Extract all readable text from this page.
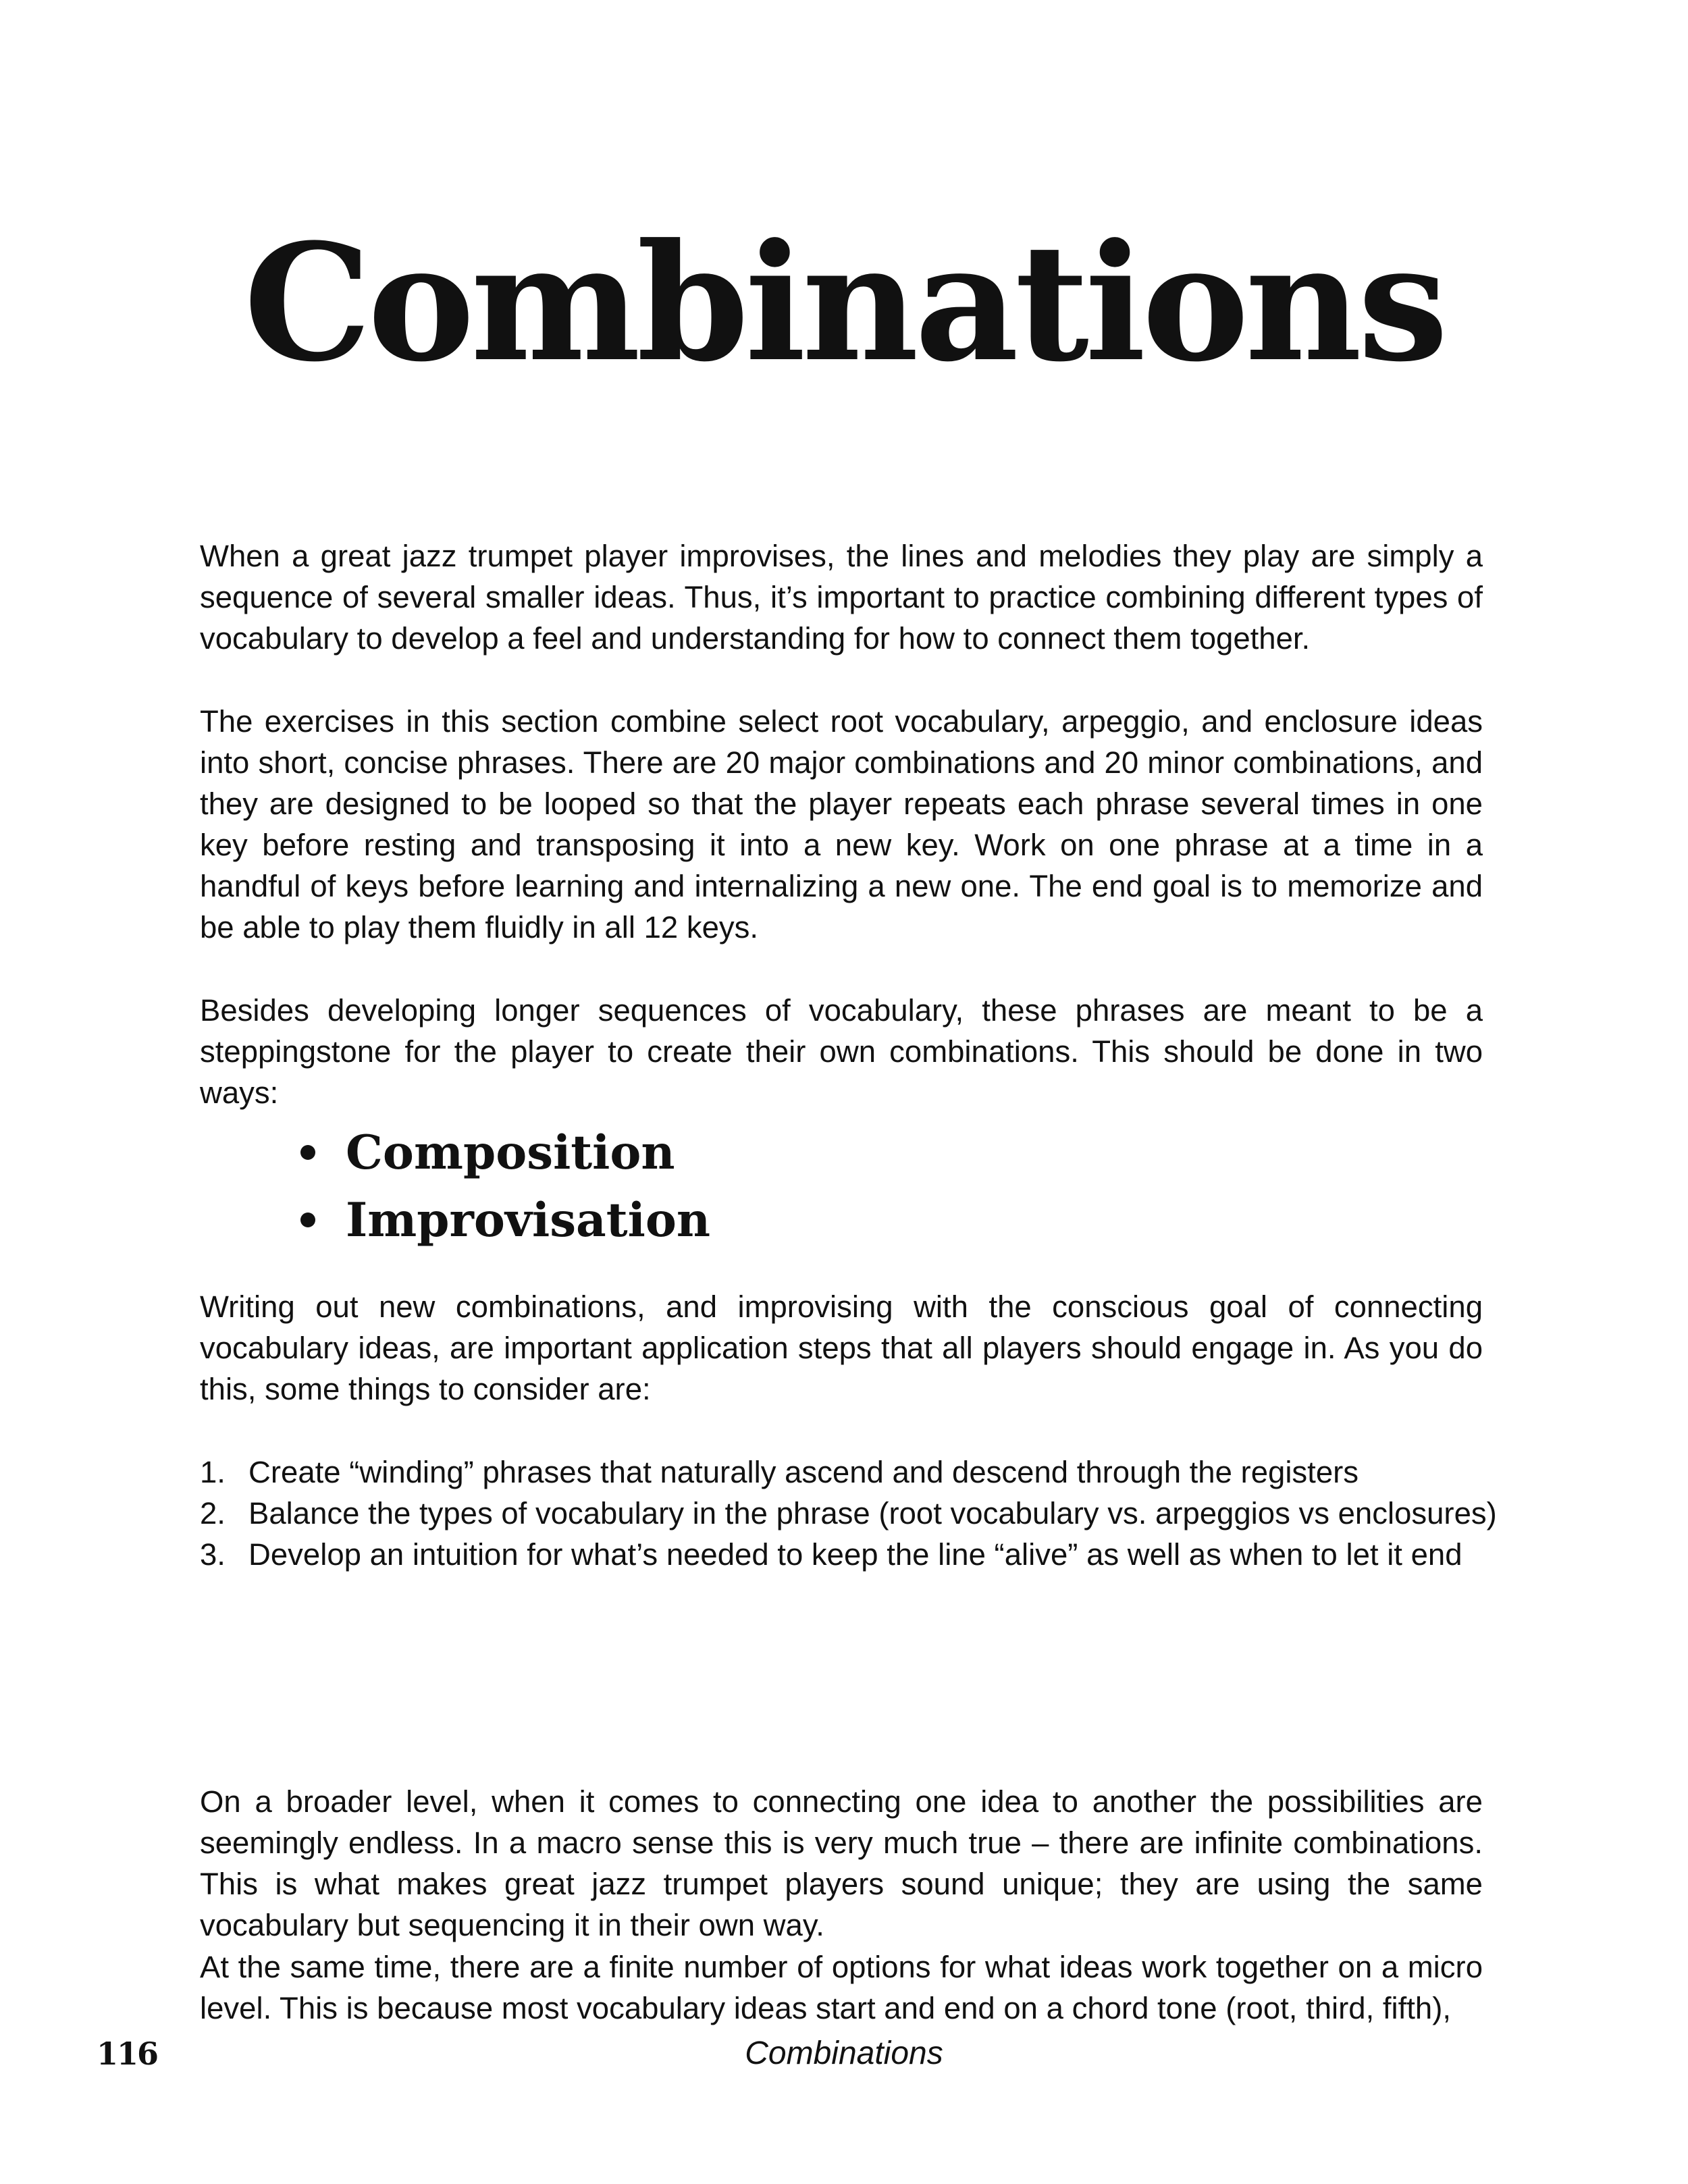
Combinations

When a great jazz trumpet player improvises, the lines and melodies they play are simply a sequence of several smaller ideas. Thus, it’s important to practice combining different types of vocabulary to develop a feel and understanding for how to connect them together.

The exercises in this section combine select root vocabulary, arpeggio, and enclosure ideas into short, concise phrases. There are 20 major combinations and 20 minor combinations, and they are designed to be looped so that the player repeats each phrase several times in one key before resting and transposing it into a new key. Work on one phrase at a time in a handful of keys before learning and internalizing a new one. The end goal is to memorize and be able to play them fluidly in all 12 keys.

Besides developing longer sequences of vocabulary, these phrases are meant to be a steppingstone for the player to create their own combinations. This should be done in two ways:

Composition
Improvisation

Writing out new combinations, and improvising with the conscious goal of connecting vocabulary ideas, are important application steps that all players should engage in. As you do this, some things to consider are:

1. Create “winding” phrases that naturally ascend and descend through the registers
2. Balance the types of vocabulary in the phrase (root vocabulary vs. arpeggios vs enclosures)
3. Develop an intuition for what’s needed to keep the line “alive” as well as when to let it end

On a broader level, when it comes to connecting one idea to another the possibilities are seemingly endless. In a macro sense this is very much true – there are infinite combinations. This is what makes great jazz trumpet players sound unique; they are using the same vocabulary but sequencing it in their own way.

At the same time, there are a finite number of options for what ideas work together on a micro level. This is because most vocabulary ideas start and end on a chord tone (root, third, fifth),

116	Combinations
